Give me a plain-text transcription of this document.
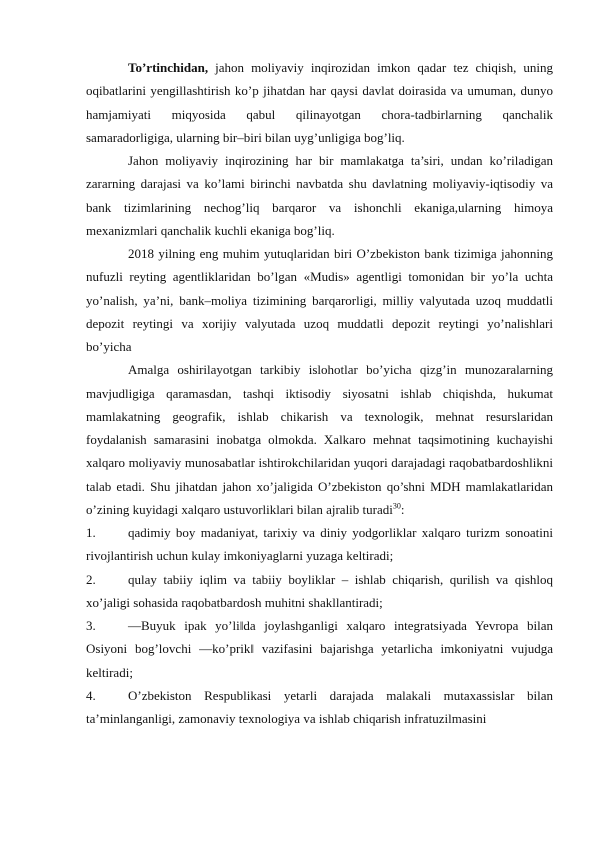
To’rtinchidan, jahon moliyaviy inqirozidan imkon qadar tez chiqish, uning oqibatlarini yengillashtirish ko’p jihatdan har qaysi davlat doirasida va umuman, dunyo hamjamiyati miqyosida qabul qilinayotgan chora-tadbirlarning qanchalik samaradorligiga, ularning bir–biri bilan uyg’unligiga bog’liq.

Jahon moliyaviy inqirozining har bir mamlakatga ta’siri, undan ko’riladigan zararning darajasi va ko’lami birinchi navbatda shu davlatning moliyaviy-iqtisodiy va bank tizimlarining nechog’liq barqaror va ishonchli ekaniga,ularning himoya mexanizmlari qanchalik kuchli ekaniga bog’liq.

2018 yilning eng muhim yutuqlaridan biri O’zbekiston bank tizimiga jahonning nufuzli reyting agentliklaridan bo’lgan «Mudis» agentligi tomonidan bir yo’la uchta yo’nalish, ya’ni, bank–moliya tizimining barqarorligi, milliy valyutada uzoq muddatli depozit reytingi va xorijiy valyutada uzoq muddatli depozit reytingi yo’nalishlari bo’yicha

Amalga oshirilayotgan tarkibiy islohotlar bo’yicha qizg’in munozaralarning mavjudligiga qaramasdan, tashqi iktisodiy siyosatni ishlab chiqishda, hukumat mamlakatning geografik, ishlab chikarish va texnologik, mehnat resurslaridan foydalanish samarasini inobatga olmokda. Xalkaro mehnat taqsimotining kuchayishi xalqaro moliyaviy munosabatlar ishtirokchilaridan yuqori darajadagi raqobatbardoshlikni talab etadi. Shu jihatdan jahon xo’jaligida O’zbekiston qo’shni MDH mamlakatlaridan o’zining kuyidagi xalqaro ustuvorliklari bilan ajralib turadi$^{30}$:

1. qadimiy boy madaniyat, tarixiy va diniy yodgorliklar xalqaro turizm sonoatini rivojlantirish uchun kulay imkoniyaglarni yuzaga keltiradi;

2. qulay tabiiy iqlim va tabiiy boyliklar – ishlab chiqarish, qurilish va qishloq xo’jaligi sohasida raqobatbardosh muhitni shakllantiradi;

3. ―Buyuk ipak yo’li‖da joylashganligi xalqaro integratsiyada Yevropa bilan Osiyoni bog’lovchi ―ko’prik‖ vazifasini bajarishga yetarlicha imkoniyatni vujudga keltiradi;

4. O’zbekiston Respublikasi yetarli darajada malakali mutaxassislar bilan ta’minlanganligi, zamonaviy texnologiya va ishlab chiqarish infratuzilmasini
